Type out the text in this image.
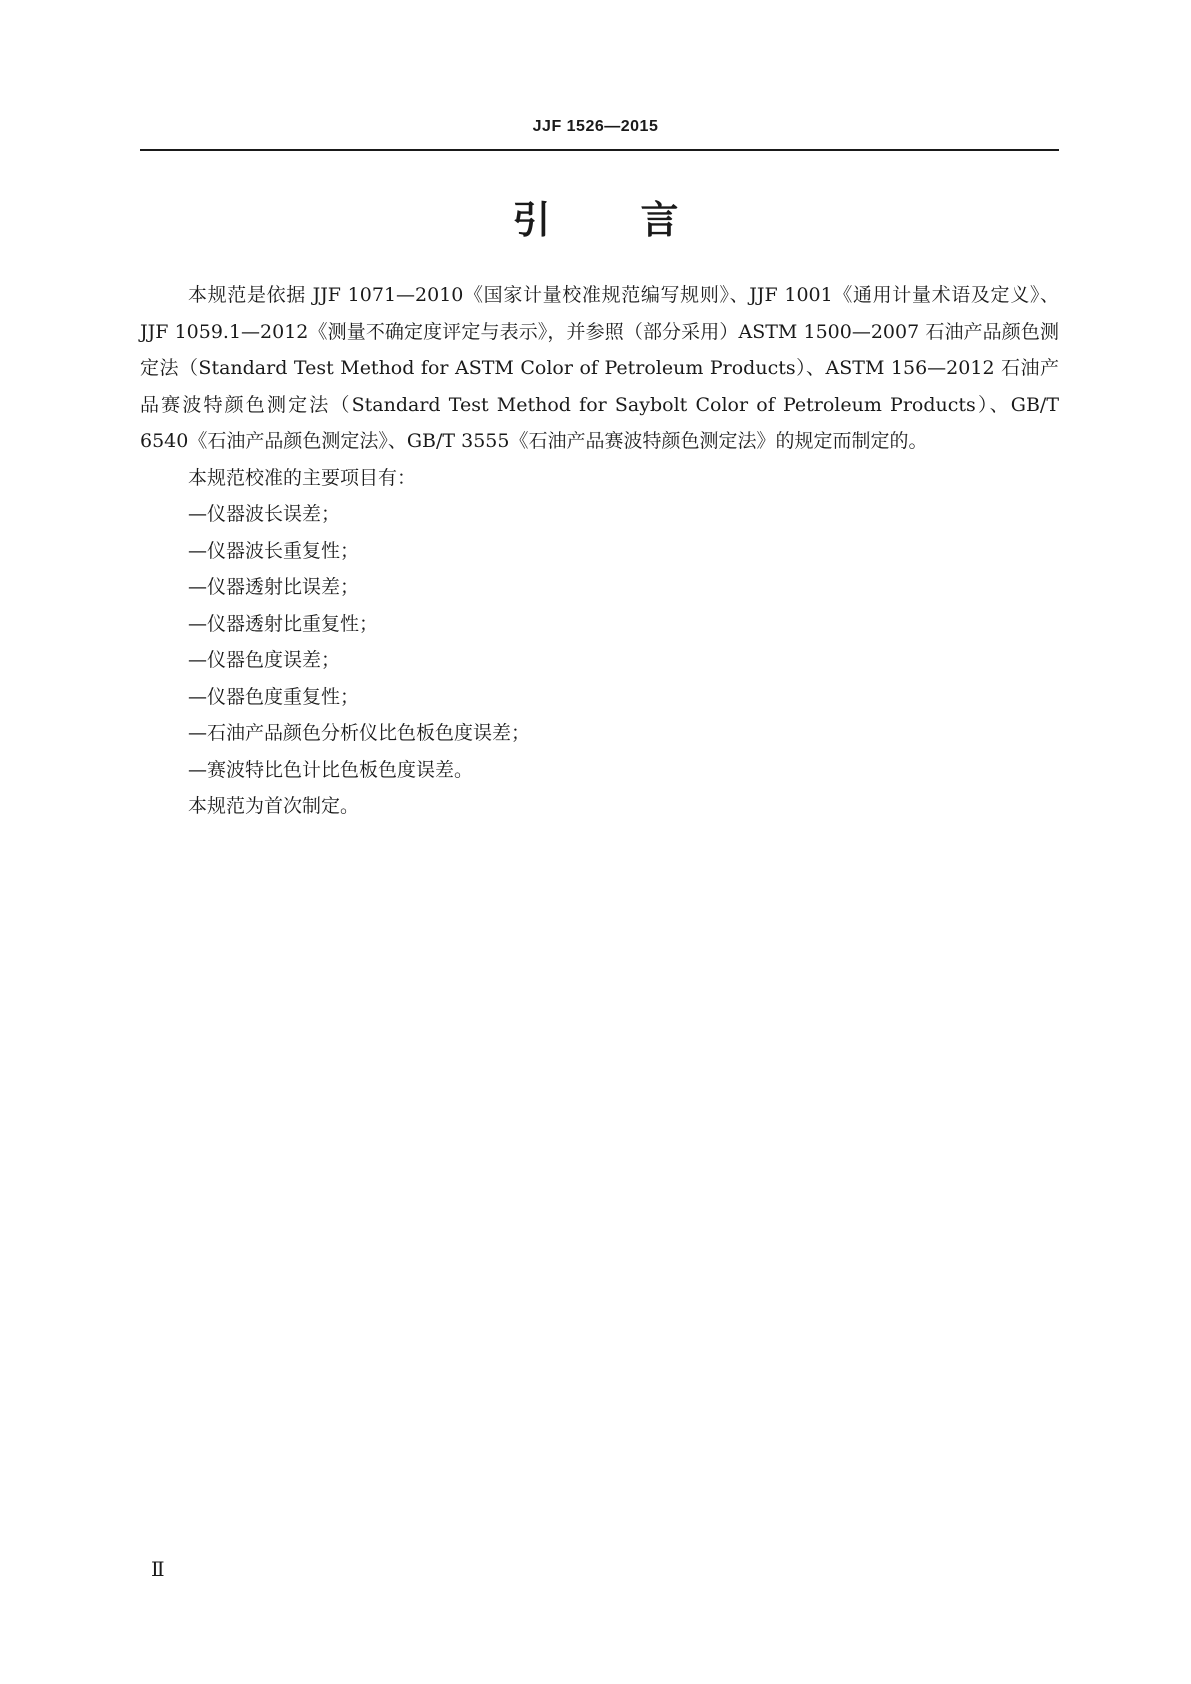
JJF 1526—2015
引 言

本规范是依据 JJF 1071—2010《国家计量校准规范编写规则》、JJF 1001《通用计量术语及定义》、JJF 1059.1—2012《测量不确定度评定与表示》，并参照（部分采用）ASTM 1500—2007 石油产品颜色测定法（Standard Test Method for ASTM Color of Petroleum Products）、ASTM 156—2012 石油产品赛波特颜色测定法（Standard Test Method for Saybolt Color of Petroleum Products）、GB/T 6540《石油产品颜色测定法》、GB/T 3555《石油产品赛波特颜色测定法》的规定而制定的。

本规范校准的主要项目有：

—仪器波长误差；

—仪器波长重复性；

—仪器透射比误差；

—仪器透射比重复性；

—仪器色度误差；

—仪器色度重复性；

—石油产品颜色分析仪比色板色度误差；

—赛波特比色计比色板色度误差。

本规范为首次制定。

Ⅱ
